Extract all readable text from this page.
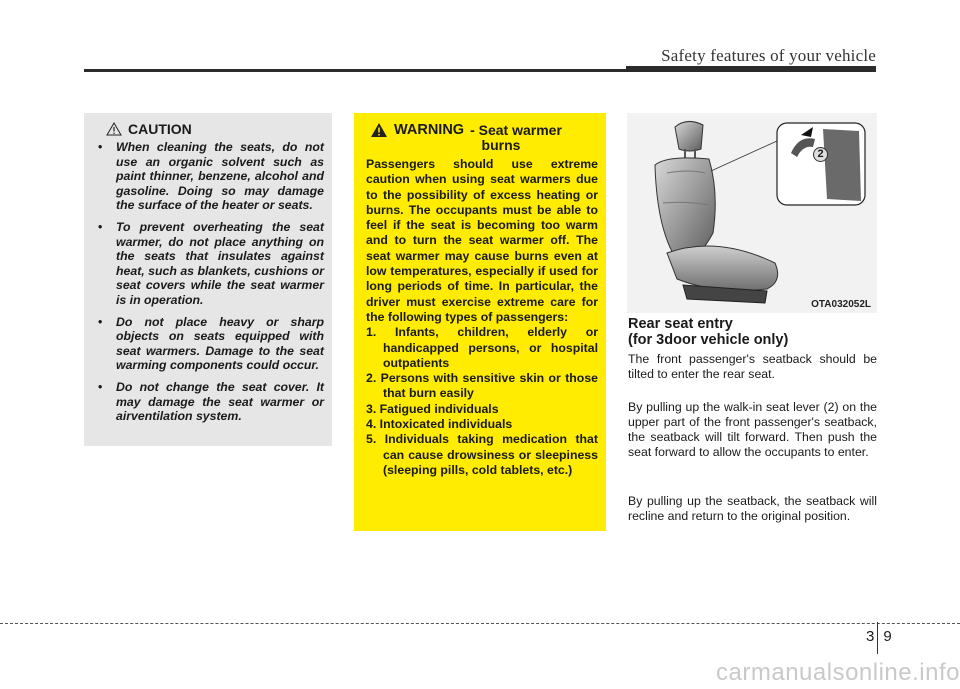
Safety features of your vehicle
CAUTION
• When cleaning the seats, do not use an organic solvent such as paint thinner, benzene, alcohol and gasoline. Doing so may damage the surface of the heater or seats.
• To prevent overheating the seat warmer, do not place anything on the seats that insulates against heat, such as blankets, cushions or seat covers while the seat warmer is in operation.
• Do not place heavy or sharp objects on seats equipped with seat warmers. Damage to the seat warming components could occur.
• Do not change the seat cover. It may damage the seat warmer or airventilation system.
WARNING - Seat warmer
burns

Passengers should use extreme caution when using seat warmers due to the possibility of excess heating or burns. The occupants must be able to feel if the seat is becoming too warm and to turn the seat warmer off. The seat warmer may cause burns even at low temperatures, especially if used for long periods of time. In particular, the driver must exercise extreme care for the following types of passengers:

1. Infants, children, elderly or handicapped persons, or hospital outpatients
2. Persons with sensitive skin or those that burn easily
3. Fatigued individuals
4. Intoxicated individuals
5. Individuals taking medication that can cause drowsiness or sleepiness (sleeping pills, cold tablets, etc.)
2
OTA032052L
Rear seat entry
(for 3door vehicle only)
The front passenger's seatback should be tilted to enter the rear seat.
By pulling up the walk-in seat lever (2) on the upper part of the front passenger's seatback, the seatback will tilt forward. Then push the seat forward to allow the occupants to enter.
By pulling up the seatback, the seatback will recline and return to the original position.
3 9
carmanualsonline.info
